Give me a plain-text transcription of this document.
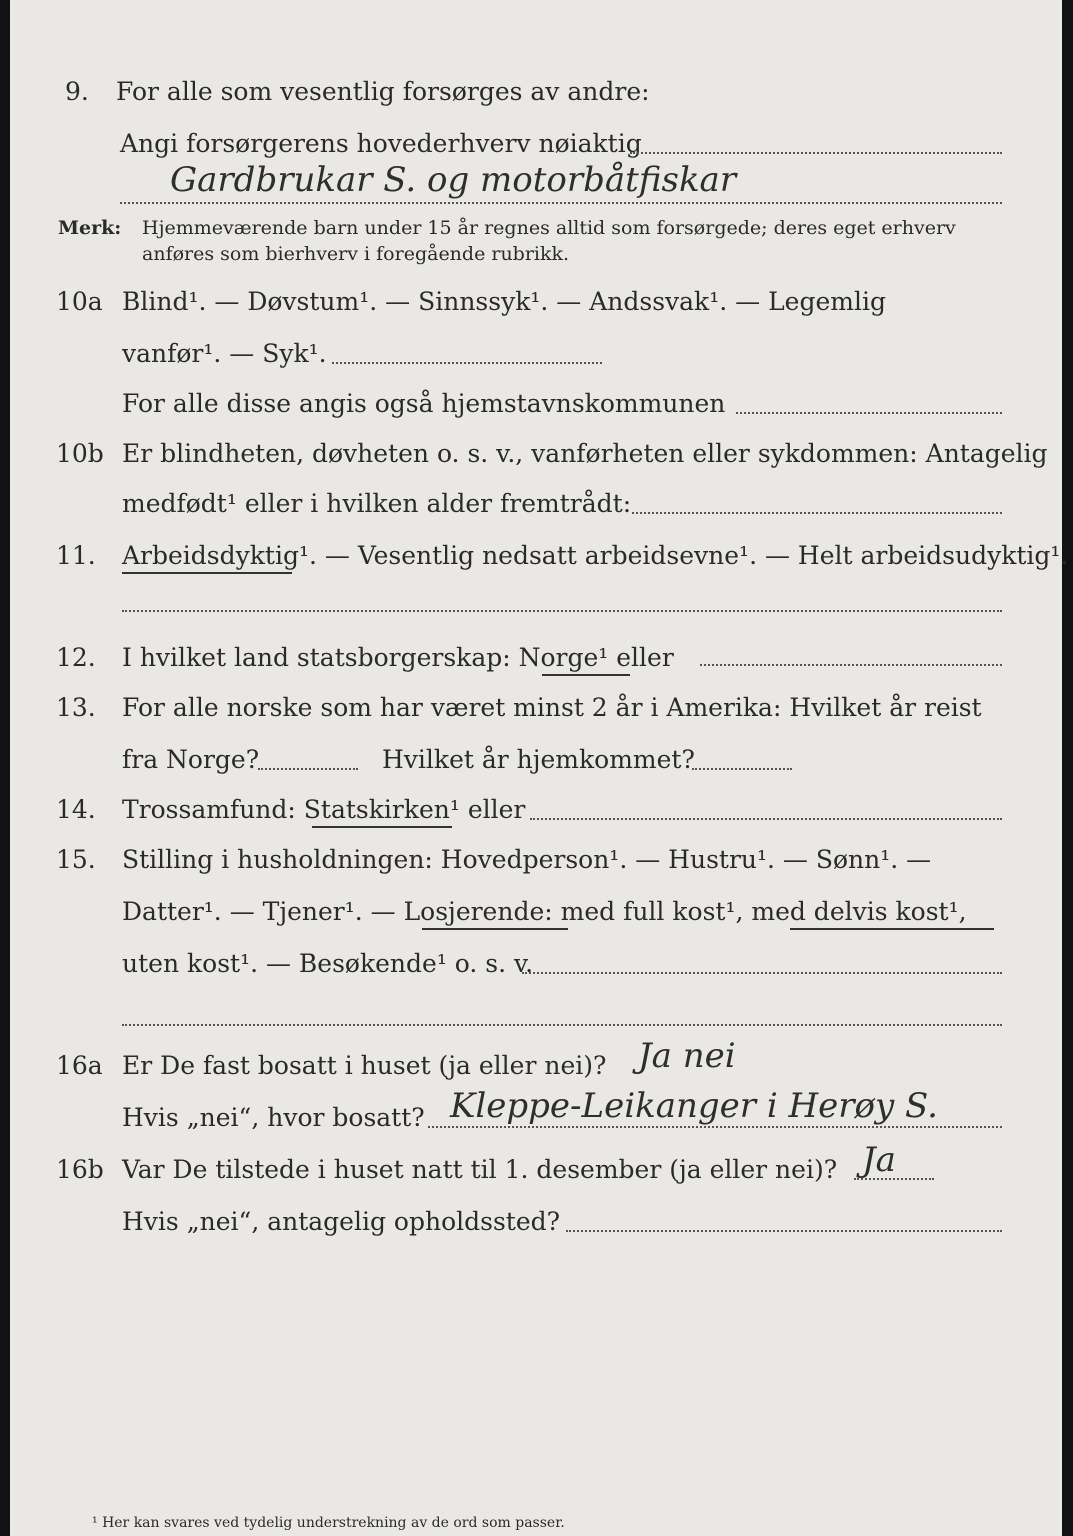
9. For alle som vesentlig forsørges av andre:
Angi forsørgerens hovederhverv nøiaktig
Gardbrukar S. og motorbåtfiskar
Merk: Hjemmeværende barn under 15 år regnes alltid som forsørgede; deres eget erhverv
anføres som bierhverv i foregående rubrikk.
10a Blind¹. — Døvstum¹. — Sinnssyk¹. — Andssvak¹. — Legemlig
vanfør¹. — Syk¹.
For alle disse angis også hjemstavnskommunen
10b Er blindheten, døvheten o. s. v., vanførheten eller sykdommen: Antagelig
medfødt¹ eller i hvilken alder fremtrådt:
11. Arbeidsdyktig¹. — Vesentlig nedsatt arbeidsevne¹. — Helt arbeidsudyktig¹.
12. I hvilket land statsborgerskap: Norge¹ eller
13. For alle norske som har været minst 2 år i Amerika: Hvilket år reist
fra Norge?	Hvilket år hjemkommet?
14. Trossamfund: Statskirken¹ eller
15. Stilling i husholdningen: Hovedperson¹. — Hustru¹. — Sønn¹. —
Datter¹. — Tjener¹. — Losjerende: med full kost¹, med delvis kost¹,
uten kost¹. — Besøkende¹ o. s. v.
16a Er De fast bosatt i huset (ja eller nei)? Ja nei
Hvis „nei“, hvor bosatt? Kleppe-Leikanger i Herøy S.
16b Var De tilstede i huset natt til 1. desember (ja eller nei)? Ja
Hvis „nei“, antagelig opholdssted?
¹ Her kan svares ved tydelig understrekning av de ord som passer.
